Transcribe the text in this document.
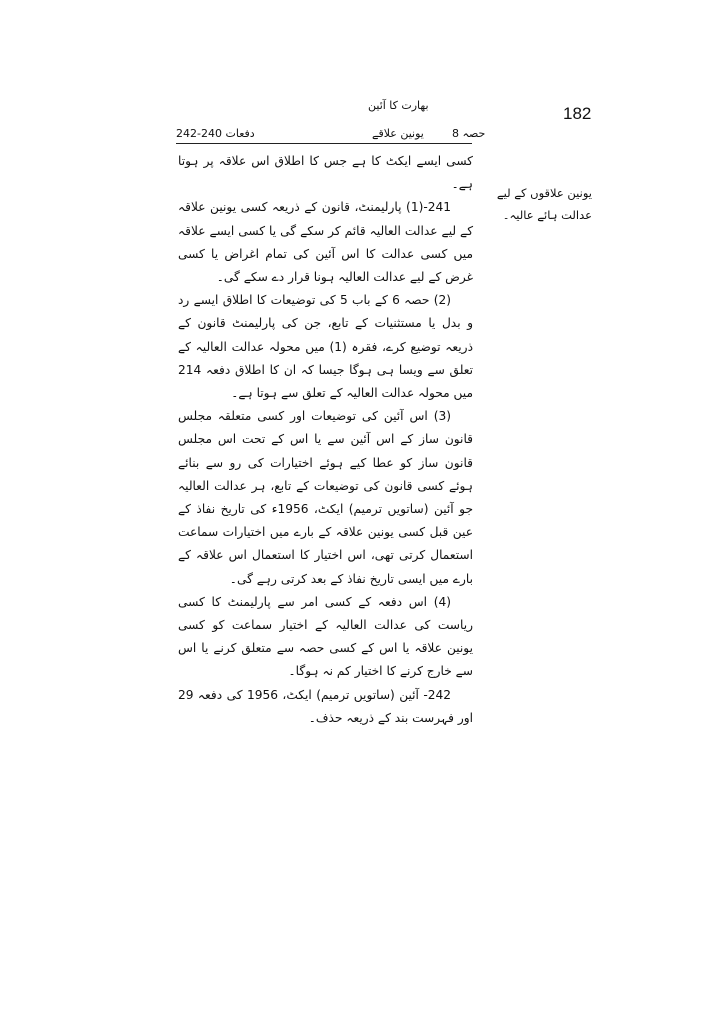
182
بھارت کا آئین
حصہ 8
یونین علاقے
دفعات 240-242
یونین علاقوں کے لیے عدالت ہائے عالیہ۔

کسی ایسے ایکٹ کا ہے جس کا اطلاق اس علاقہ پر ہوتا ہے۔

241-(1) پارلیمنٹ، قانون کے ذریعہ کسی یونین علاقہ کے لیے عدالت العالیہ قائم کر سکے گی یا کسی ایسے علاقہ میں کسی عدالت کا اس آئین کی تمام اغراض یا کسی غرض کے لیے عدالت العالیہ ہونا قرار دے سکے گی۔

(2) حصہ 6 کے باب 5 کی توضیعات کا اطلاق ایسے رد و بدل یا مستثنیات کے تابع، جن کی پارلیمنٹ قانون کے ذریعہ توضیع کرے، فقرہ (1) میں محولہ عدالت العالیہ کے تعلق سے ویسا ہی ہوگا جیسا کہ ان کا اطلاق دفعہ 214 میں محولہ عدالت العالیہ کے تعلق سے ہوتا ہے۔

(3) اس آئین کی توضیعات اور کسی متعلقہ مجلس قانون ساز کے اس آئین سے یا اس کے تحت اس مجلس قانون ساز کو عطا کیے ہوئے اختیارات کی رو سے بنائے ہوئے کسی قانون کی توضیعات کے تابع، ہر عدالت العالیہ جو آئین (ساتویں ترمیم) ایکٹ، 1956ء کی تاریخ نفاذ کے عین قبل کسی یونین علاقہ کے بارے میں اختیارات سماعت استعمال کرتی تھی، اس اختیار کا استعمال اس علاقہ کے بارے میں ایسی تاریخ نفاذ کے بعد کرتی رہے گی۔

(4) اس دفعہ کے کسی امر سے پارلیمنٹ کا کسی ریاست کی عدالت العالیہ کے اختیار سماعت کو کسی یونین علاقہ یا اس کے کسی حصہ سے متعلق کرنے یا اس سے خارج کرنے کا اختیار کم نہ ہوگا۔

242- آئین (ساتویں ترمیم) ایکٹ، 1956 کی دفعہ 29 اور فہرست بند کے ذریعہ حذف۔
